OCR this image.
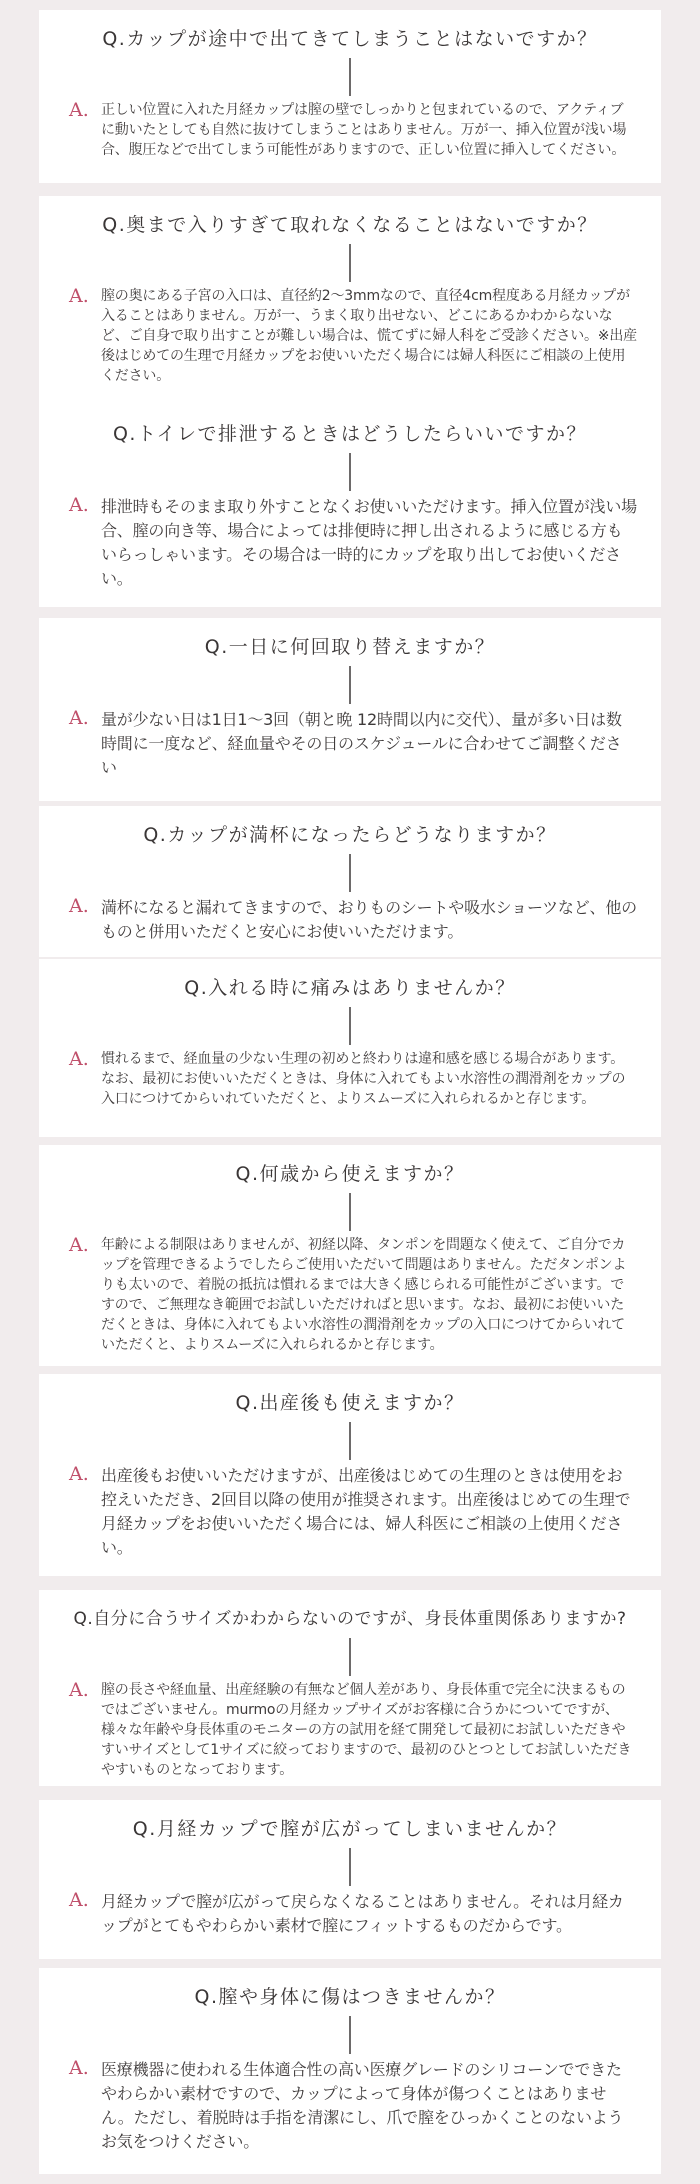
Q.カップが途中で出てきてしまうことはないですか？
A. 正しい位置に入れた月経カップは膣の壁でしっかりと包まれているので、アクティブに動いたとしても自然に抜けてしまうことはありません。万が一、挿入位置が浅い場合、腹圧などで出てしまう可能性がありますので、正しい位置に挿入してください。
Q.奥まで入りすぎて取れなくなることはないですか？
A. 膣の奥にある子宮の入口は、直径約2〜3mmなので、直径4cm程度ある月経カップが入ることはありません。万が一、うまく取り出せない、どこにあるかわからないなど、ご自身で取り出すことが難しい場合は、慌てずに婦人科をご受診ください。※出産後はじめての生理で月経カップをお使いいただく場合には婦人科医にご相談の上使用ください。
Q.トイレで排泄するときはどうしたらいいですか？
A. 排泄時もそのまま取り外すことなくお使いいただけます。挿入位置が浅い場合、膣の向き等、場合によっては排便時に押し出されるように感じる方もいらっしゃいます。その場合は一時的にカップを取り出してお使いください。
Q.一日に何回取り替えますか？
A. 量が少ない日は1日1〜3回（朝と晩 12時間以内に交代）、量が多い日は数時間に一度など、経血量やその日のスケジュールに合わせてご調整ください
Q.カップが満杯になったらどうなりますか？
A. 満杯になると漏れてきますので、おりものシートや吸水ショーツなど、他のものと併用いただくと安心にお使いいただけます。
Q.入れる時に痛みはありませんか？
A. 慣れるまで、経血量の少ない生理の初めと終わりは違和感を感じる場合があります。なお、最初にお使いいただくときは、身体に入れてもよい水溶性の潤滑剤をカップの入口につけてからいれていただくと、よりスムーズに入れられるかと存じます。
Q.何歳から使えますか？
A. 年齢による制限はありませんが、初経以降、タンポンを問題なく使えて、ご自分でカップを管理できるようでしたらご使用いただいて問題はありません。ただタンポンよりも太いので、着脱の抵抗は慣れるまでは大きく感じられる可能性がございます。ですので、ご無理なき範囲でお試しいただければと思います。なお、最初にお使いいただくときは、身体に入れてもよい水溶性の潤滑剤をカップの入口につけてからいれていただくと、よりスムーズに入れられるかと存じます。
Q.出産後も使えますか？
A. 出産後もお使いいただけますが、出産後はじめての生理のときは使用をお控えいただき、2回目以降の使用が推奨されます。出産後はじめての生理で月経カップをお使いいただく場合には、婦人科医にご相談の上使用ください。
Q.自分に合うサイズかわからないのですが、身長体重関係ありますか?
A. 膣の長さや経血量、出産経験の有無など個人差があり、身長体重で完全に決まるものではございません。murmoの月経カップサイズがお客様に合うかについてですが、様々な年齢や身長体重のモニターの方の試用を経て開発して最初にお試しいただきやすいサイズとして1サイズに絞っておりますので、最初のひとつとしてお試しいただきやすいものとなっております。
Q.月経カップで膣が広がってしまいませんか？
A. 月経カップで膣が広がって戻らなくなることはありません。それは月経カップがとてもやわらかい素材で膣にフィットするものだからです。
Q.膣や身体に傷はつきませんか？
A. 医療機器に使われる生体適合性の高い医療グレードのシリコーンでできたやわらかい素材ですので、カップによって身体が傷つくことはありません。ただし、着脱時は手指を清潔にし、爪で膣をひっかくことのないようお気をつけください。
